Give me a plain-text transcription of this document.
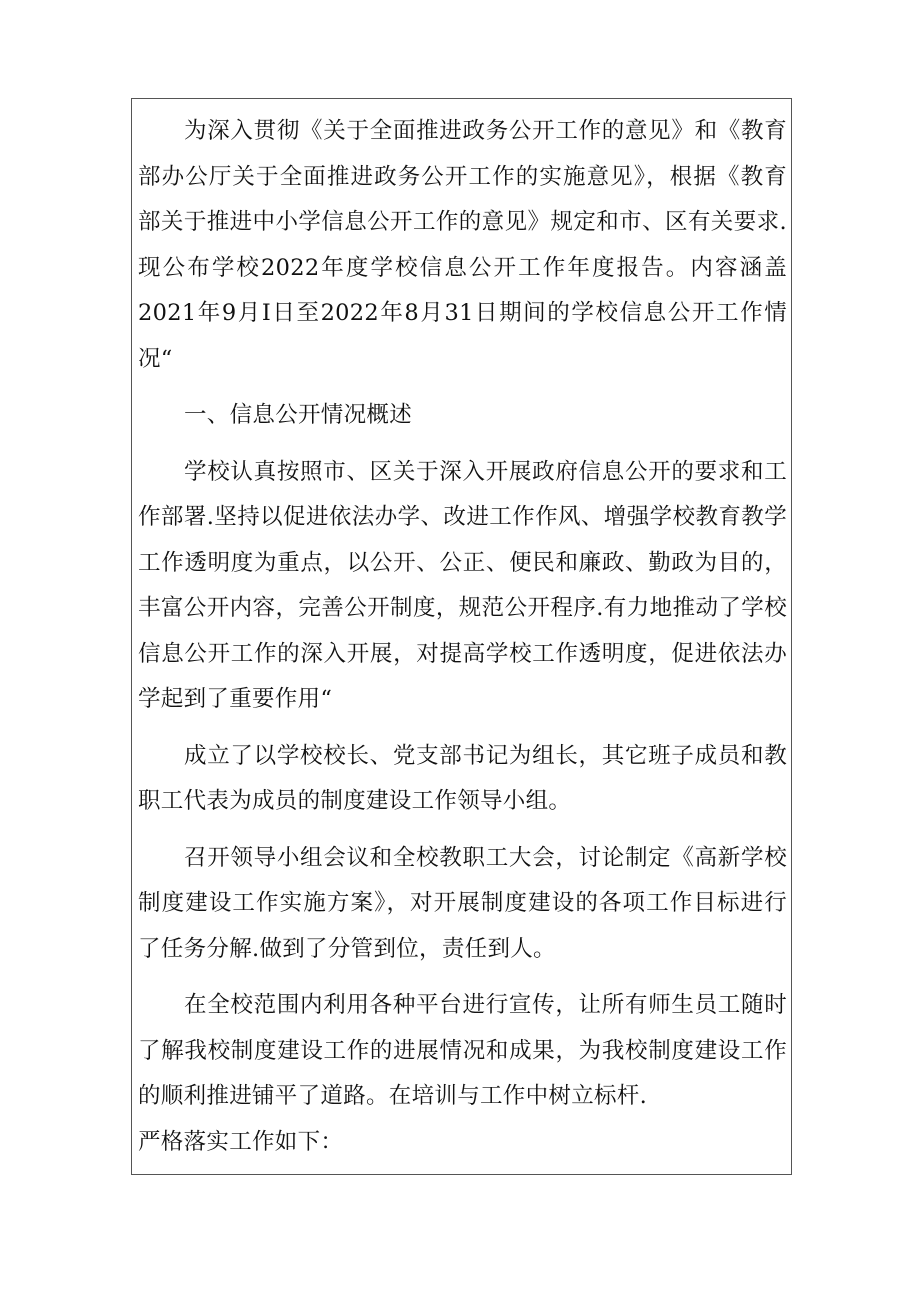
为深入贯彻《关于全面推进政务公开工作的意见》和《教育部办公厅关于全面推进政务公开工作的实施意见》，根据《教育部关于推进中小学信息公开工作的意见》规定和市、区有关要求.现公布学校2022年度学校信息公开工作年度报告。内容涵盖2021年9月I日至2022年8月31日期间的学校信息公开工作情况“

一、信息公开情况概述

学校认真按照市、区关于深入开展政府信息公开的要求和工作部署.坚持以促进依法办学、改进工作作风、增强学校教育教学工作透明度为重点，以公开、公正、便民和廉政、勤政为目的，丰富公开内容，完善公开制度，规范公开程序.有力地推动了学校信息公开工作的深入开展，对提高学校工作透明度，促进依法办学起到了重要作用“

成立了以学校校长、党支部书记为组长，其它班子成员和教职工代表为成员的制度建设工作领导小组。

召开领导小组会议和全校教职工大会，讨论制定《高新学校制度建设工作实施方案》，对开展制度建设的各项工作目标进行了任务分解.做到了分管到位，责任到人。

在全校范围内利用各种平台进行宣传，让所有师生员工随时了解我校制度建设工作的进展情况和成果，为我校制度建设工作的顺利推进铺平了道路。在培训与工作中树立标杆.

严格落实工作如下：
